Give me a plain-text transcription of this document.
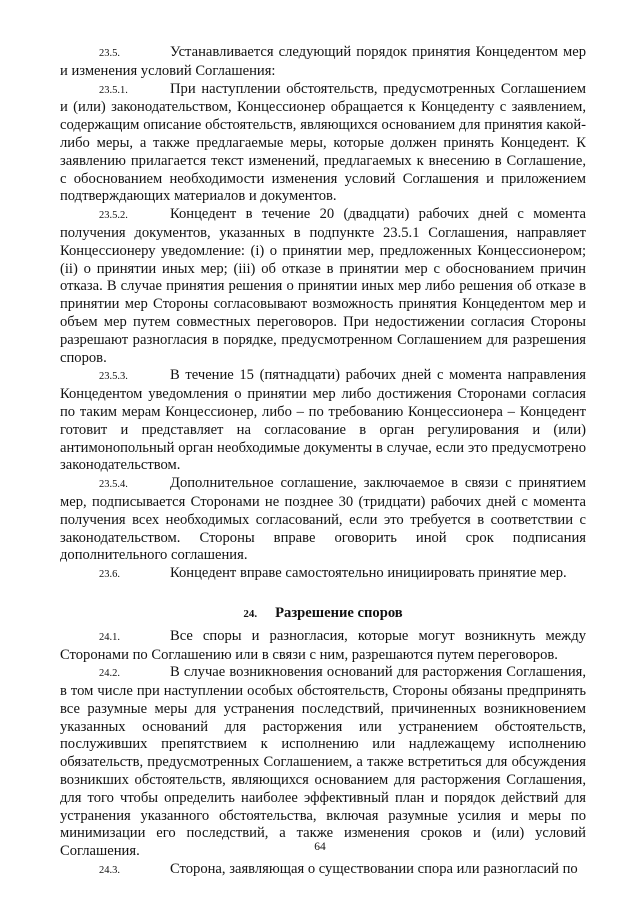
23.5.	Устанавливается следующий порядок принятия Концедентом мер и изменения условий Соглашения:

23.5.1.	При наступлении обстоятельств, предусмотренных Соглашением и (или) законодательством, Концессионер обращается к Концеденту с заявлением, содержащим описание обстоятельств, являющихся основанием для принятия какой-либо меры, а также предлагаемые меры, которые должен принять Концедент. К заявлению прилагается текст изменений, предлагаемых к внесению в Соглашение, с обоснованием необходимости изменения условий Соглашения и приложением подтверждающих материалов и документов.

23.5.2.	Концедент в течение 20 (двадцати) рабочих дней с момента получения документов, указанных в подпункте 23.5.1 Соглашения, направляет Концессионеру уведомление: (i) о принятии мер, предложенных Концессионером; (ii) о принятии иных мер; (iii) об отказе в принятии мер с обоснованием причин отказа. В случае принятия решения о принятии иных мер либо решения об отказе в принятии мер Стороны согласовывают возможность принятия Концедентом мер и объем мер путем совместных переговоров. При недостижении согласия Стороны разрешают разногласия в порядке, предусмотренном Соглашением для разрешения споров.

23.5.3.	В течение 15 (пятнадцати) рабочих дней с момента направления Концедентом уведомления о принятии мер либо достижения Сторонами согласия по таким мерам Концессионер, либо – по требованию Концессионера – Концедент готовит и представляет на согласование в орган регулирования и (или) антимонопольный орган необходимые документы в случае, если это предусмотрено законодательством.

23.5.4.	Дополнительное соглашение, заключаемое в связи с принятием мер, подписывается Сторонами не позднее 30 (тридцати) рабочих дней с момента получения всех необходимых согласований, если это требуется в соответствии с законодательством. Стороны вправе оговорить иной срок подписания дополнительного соглашения.

23.6.	Концедент вправе самостоятельно инициировать принятие мер.

24. Разрешение споров

24.1.	Все споры и разногласия, которые могут возникнуть между Сторонами по Соглашению или в связи с ним, разрешаются путем переговоров.

24.2.	В случае возникновения оснований для расторжения Соглашения, в том числе при наступлении особых обстоятельств, Стороны обязаны предпринять все разумные меры для устранения последствий, причиненных возникновением указанных оснований для расторжения или устранением обстоятельств, послуживших препятствием к исполнению или надлежащему исполнению обязательств, предусмотренных Соглашением, а также встретиться для обсуждения возникших обстоятельств, являющихся основанием для расторжения Соглашения, для того чтобы определить наиболее эффективный план и порядок действий для устранения указанного обстоятельства, включая разумные усилия и меры по минимизации его последствий, а также изменения сроков и (или) условий Соглашения.

24.3.	Сторона, заявляющая о существовании спора или разногласий по

64
